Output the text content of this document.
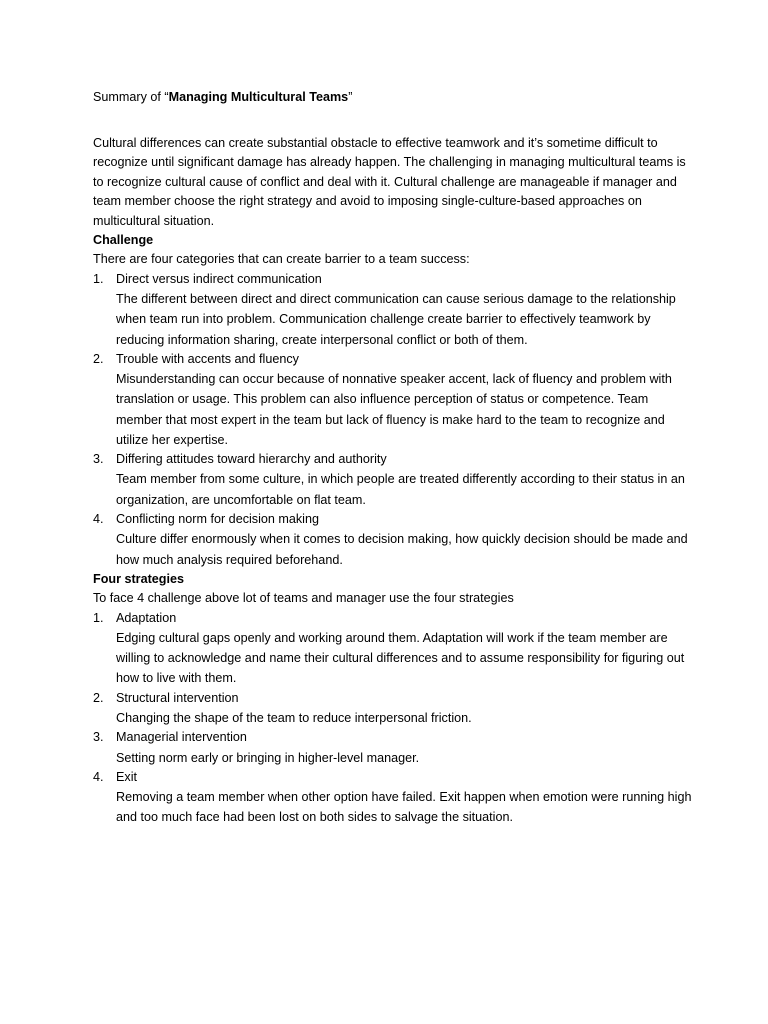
Summary of “Managing Multicultural Teams”
Cultural differences can create substantial obstacle to effective teamwork and it’s sometime difficult to recognize until significant damage has already happen. The challenging in managing multicultural teams is to recognize cultural cause of conflict and deal with it. Cultural challenge are manageable if manager and team member choose the right strategy and avoid to imposing single-culture-based approaches on multicultural situation.
Challenge
There are four categories that can create barrier to a team success:
1. Direct versus indirect communication
The different between direct and direct communication can cause serious damage to the relationship when team run into problem. Communication challenge create barrier to effectively teamwork by reducing information sharing, create interpersonal conflict or both of them.
2. Trouble with accents and fluency
Misunderstanding can occur because of nonnative speaker accent, lack of fluency and problem with translation or usage. This problem can also influence perception of status or competence. Team member that most expert in the team but lack of fluency is make hard to the team to recognize and utilize her expertise.
3. Differing attitudes toward hierarchy and authority
Team member from some culture, in which people are treated differently according to their status in an organization, are uncomfortable on flat team.
4. Conflicting norm for decision making
Culture differ enormously when it comes to decision making, how quickly decision should be made and how much analysis required beforehand.
Four strategies
To face 4 challenge above lot of teams and manager use the four strategies
1. Adaptation
Edging cultural gaps openly and working around them. Adaptation will work if the team member are willing to acknowledge and name their cultural differences and to assume responsibility for figuring out how to live with them.
2. Structural intervention
Changing the shape of the team to reduce interpersonal friction.
3. Managerial intervention
Setting norm early or bringing in higher-level manager.
4. Exit
Removing a team member when other option have failed. Exit happen when emotion were running high and too much face had been lost on both sides to salvage the situation.
